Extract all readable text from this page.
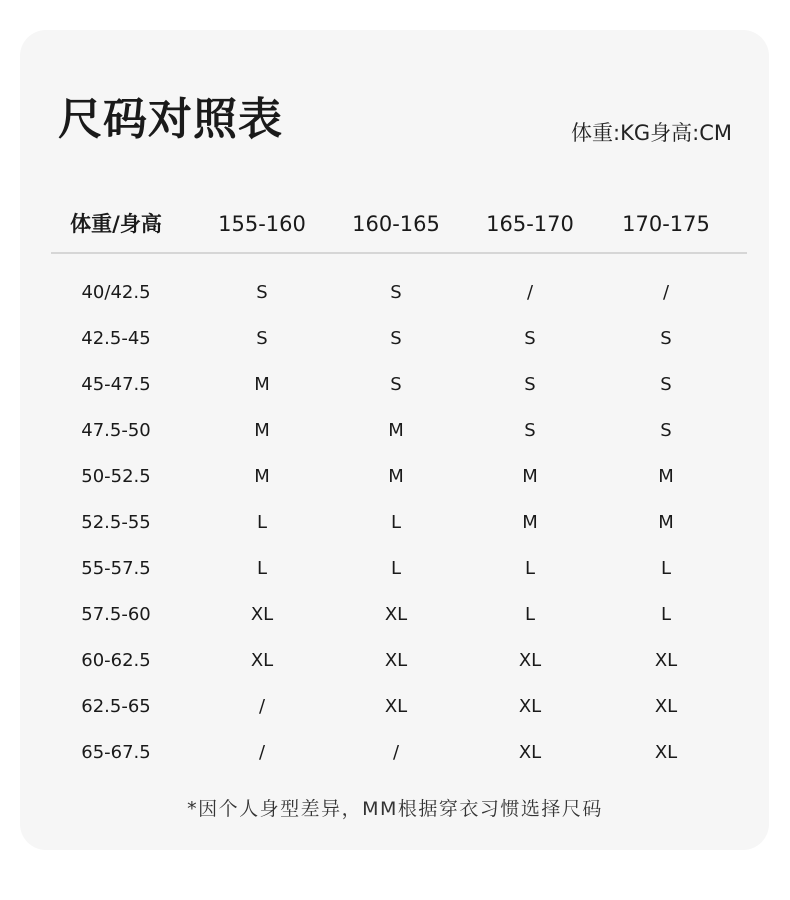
尺码对照表	体重:KG身高:CM
体重/身高	155-160	160-165	165-170	170-175
40/42.5	S	S	/	/
42.5-45	S	S	S	S
45-47.5	M	S	S	S
47.5-50	M	M	S	S
50-52.5	M	M	M	M
52.5-55	L	L	M	M
55-57.5	L	L	L	L
57.5-60	XL	XL	L	L
60-62.5	XL	XL	XL	XL
62.5-65	/	XL	XL	XL
65-67.5	/	/	XL	XL
*因个人身型差异，MM根据穿衣习惯选择尺码
